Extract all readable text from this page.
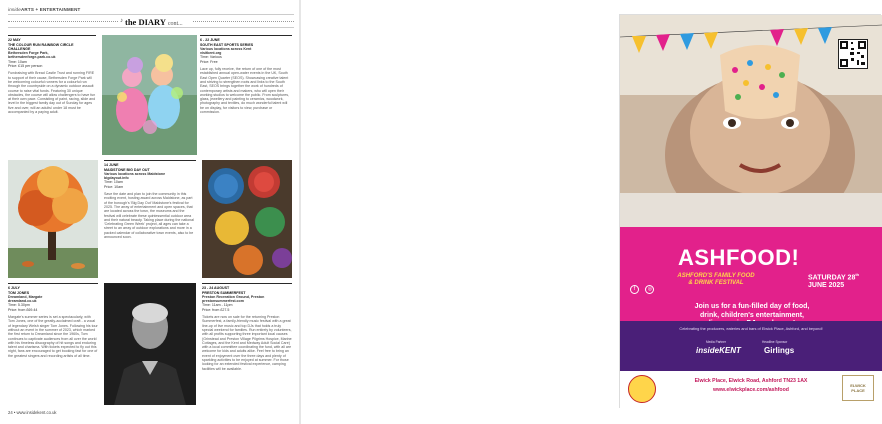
insideARTS + ENTERTAINMENT
♪ the DIARY cont...
22 MAY
THE COLOUR RUN RAINBOW CIRCLE CHALLENGE
Bethersden Forge Park,
bethersdenforge-park.co.uk
Time: 10am
Price: £15 per person
Fundraising with Bread Castle Trust and running FIRE to support of their cause, Bethersden Forge Park will be welcoming colourful runners for a colourful run through the countryside on a dynamic outdoor assault course to raise vital funds. Featuring 30 unique obstacles, the course will allow challengers to have fun at their own pace. Consisting of paint, racing, slide and level in the biggest family day out of Sunday for ages five and over, will an adults/ under 18 must be accompanied by a paying adult.
6 - 22 JUNE
SOUTH EAST SPORTS SERIES
Various locations across Kent
visitkent.org
Time: Various
Price: Free
Lace up, fully receive, the return of one of the most established annual open-water events in the UK, South East Open Quarter (SEOS). Showcasing creative talent and striving to strengthen roots and links to the South East, SEOS brings together the work of hundreds of contemporary artists and makers, who will open their working studios to welcome the public. From sculptures, glass, jewellery and painting to ceramics, woodwork, photography and textiles, do much wonderful talent will be on display, for visitors to view, purchase or commission.
14 JUNE
MAIDSTONE BIG DAY OUT
Various locations across Maidstone
bigdayout.info
Time: 10am
Price: 10am
Save the date and plan to join the community in this exciting event, hosting award across Maidstone, as part of the borough's 'Big Day Out' Maidstone's festival for 2025. The array of entertainment and open spaces, that are located across the town, the museums and the festival will celebrate these quintessential outdoor area and their natural beauty. Taking place during the national 'Celebrating Green Week' project, all ages can take a street to an array of outdoor explorations and more in a packed calendar of collaborative town events, also to be announced soon.
6 JULY
TOM JONES
Dreamland, Margate
dreamland.co.uk
Time: 5.30pm
Price: from £69.44
Margate's summer series is set a spectacularly, with Tom Jones, one of the greatly-acclaimed craft - a vocal of legendary Welsh singer Tom Jones. Following his tour without an event in the summer of 2023, which marked the first return to Dreamland since the 1960s, Tom continues to captivate audiences from all over the world with his timeless discography of hit songs and enduring talent and charisma. With tickets expected to fly out this night, fans are encouraged to get booking fast for one of the greatest singers and recording artists of all time.
23 - 24 AUGUST
PRESTON SUMMERFEST
Preston Recreation Ground, Preston
prestonsummerfest.com
Time: 11am - 11pm
Price: from £27.5
Tickets are now on sale for the returning Preston Summerfest, a family-friendly music festival with a great line-up of live music and top DJs that holds a truly special weekend for families. Run entirely by volunteers, with all profits supporting three important local causes (Grinstead and Preston Village Pilgrims Hospice, Marine Cottages, and the Kent and Medway Adult Social Care) with a local committee coordinating the fund, with all are welcome for kids and adults alike. Feel free to bring an event of enjoyment over the three days and plenty of sparkling activities to be enjoyed at summer. For those looking for an extended festival experience, camping facilities will be available.
24 • www.insidekent.co.uk
ASHFOOD!
ASHFORD'S FAMILY FOOD
& DRINK FESTIVAL
f	◎
SATURDAY 28th
JUNE 2025
Join us for a fun-filled day of food,
drink, children's entertainment,
Celebrating the producers, eateries and bars of Elwick Place, Ashford, and beyond!
Media Partner
insideKENT
Headline Sponsor
Girlings
Elwick Place, Elwick Road, Ashford TN23 1AX
www.elwickplace.com/ashfood
ELWICK
PLACE
